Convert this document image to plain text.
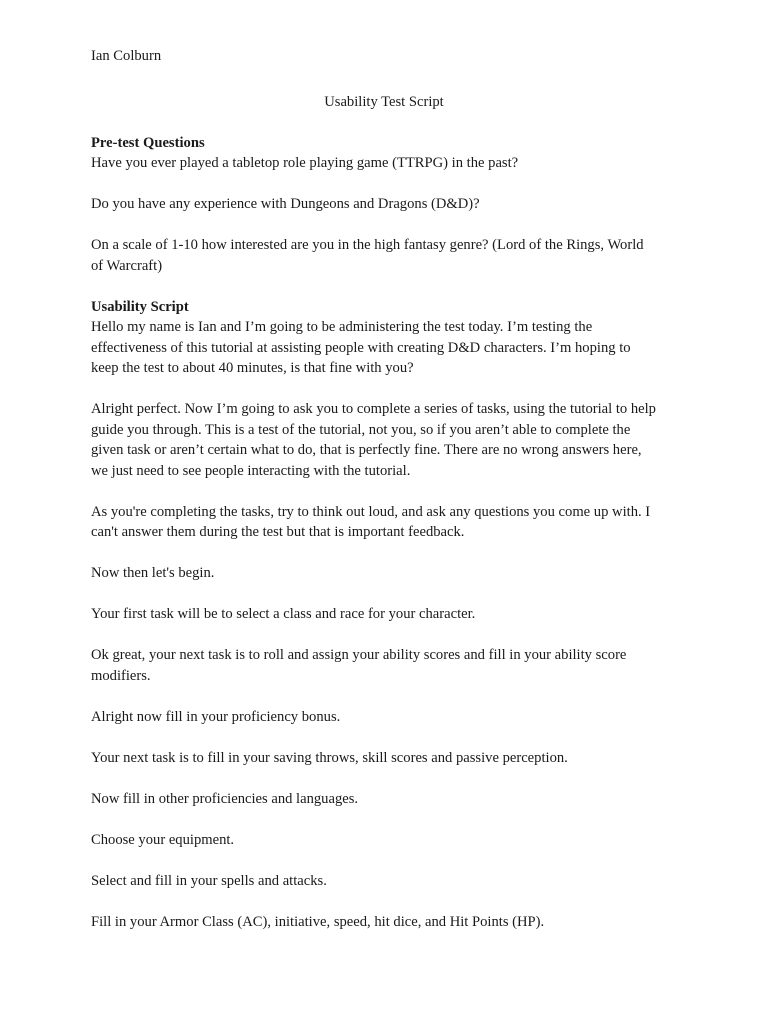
Ian Colburn
Usability Test Script
Pre-test Questions
Have you ever played a tabletop role playing game (TTRPG) in the past?
Do you have any experience with Dungeons and Dragons (D&D)?
On a scale of 1-10 how interested are you in the high fantasy genre? (Lord of the Rings, World
of Warcraft)
Usability Script
Hello my name is Ian and I’m going to be administering the test today. I’m testing the
effectiveness of this tutorial at assisting people with creating D&D characters. I’m hoping to
keep the test to about 40 minutes, is that fine with you?
Alright perfect. Now I’m going to ask you to complete a series of tasks, using the tutorial to help
guide you through. This is a test of the tutorial, not you, so if you aren’t able to complete the
given task or aren’t certain what to do, that is perfectly fine. There are no wrong answers here,
we just need to see people interacting with the tutorial.
As you're completing the tasks, try to think out loud, and ask any questions you come up with. I
can't answer them during the test but that is important feedback.
Now then let's begin.
Your first task will be to select a class and race for your character.
Ok great, your next task is to roll and assign your ability scores and fill in your ability score
modifiers.
Alright now fill in your proficiency bonus.
Your next task is to fill in your saving throws, skill scores and passive perception.
Now fill in other proficiencies and languages.
Choose your equipment.
Select and fill in your spells and attacks.
Fill in your Armor Class (AC), initiative, speed, hit dice, and Hit Points (HP).
